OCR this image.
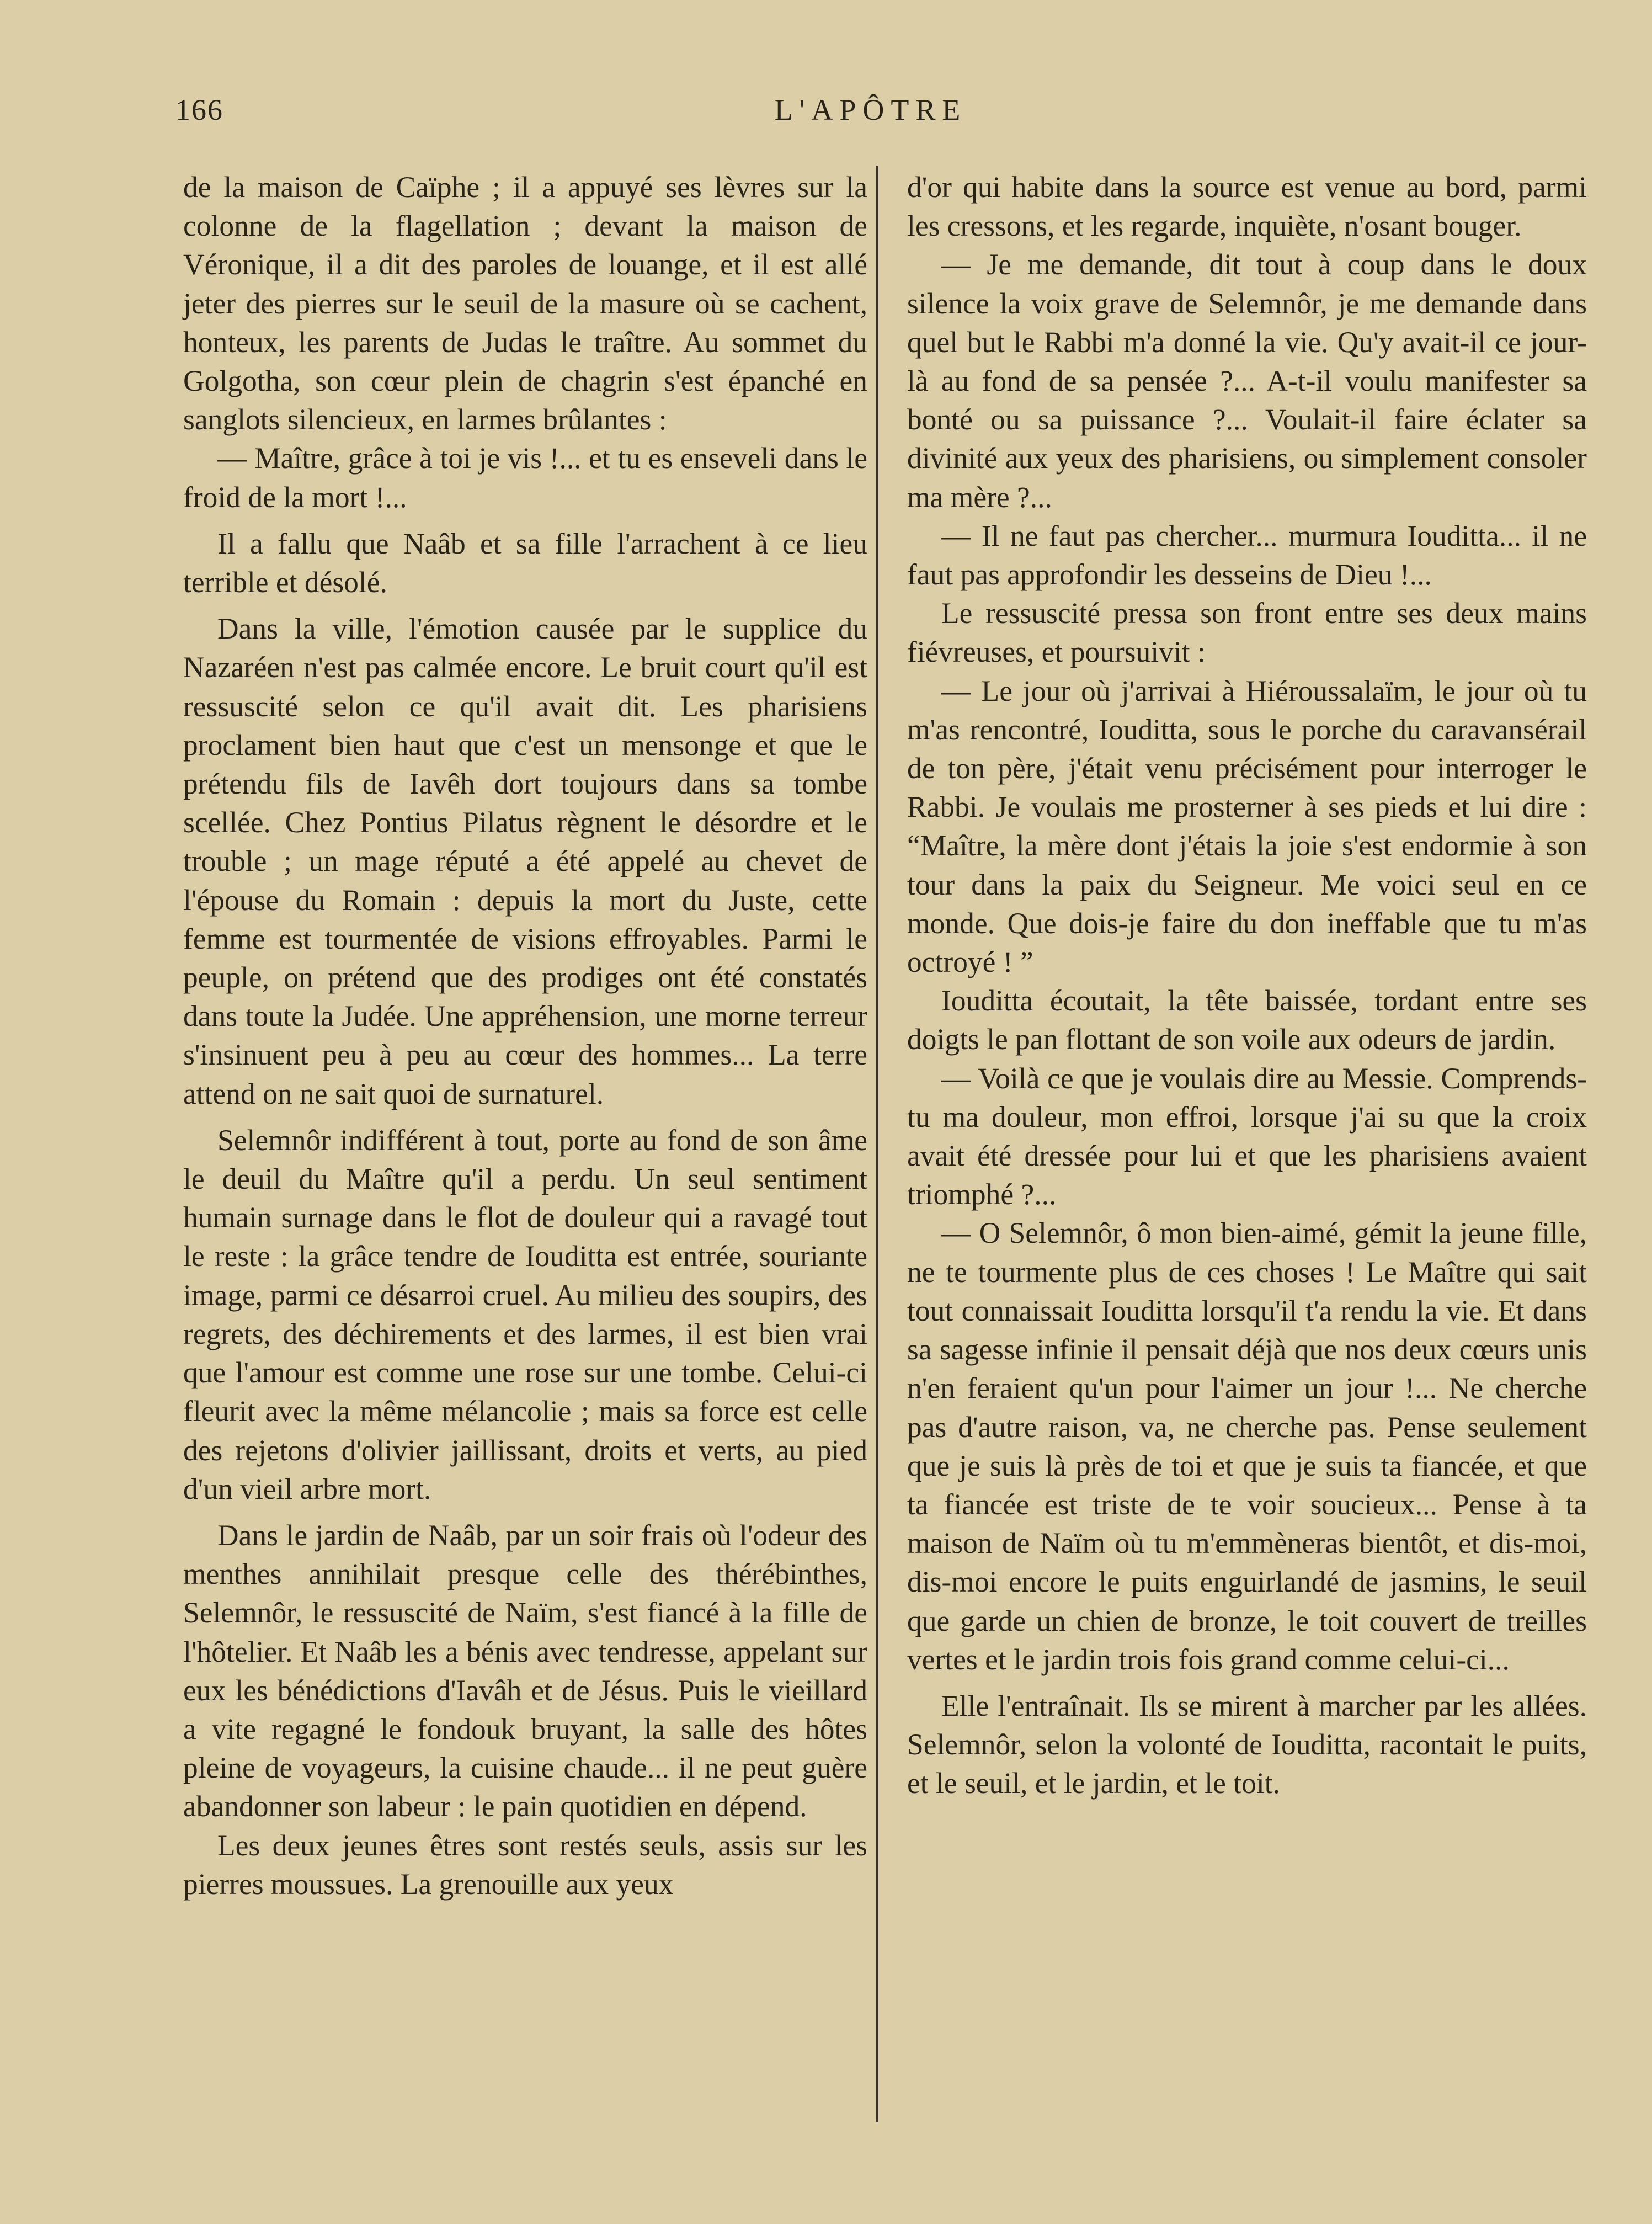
166	L'APÔTRE

de la maison de Caïphe ; il a appuyé ses lèvres sur la colonne de la flagellation ; devant la maison de Véronique, il a dit des paroles de louange, et il est allé jeter des pierres sur le seuil de la masure où se cachent, honteux, les parents de Judas le traître. Au sommet du Golgotha, son cœur plein de chagrin s'est épanché en sanglots silencieux, en larmes brûlantes :

— Maître, grâce à toi je vis !... et tu es enseveli dans le froid de la mort !...

Il a fallu que Naâb et sa fille l'arrachent à ce lieu terrible et désolé.

Dans la ville, l'émotion causée par le supplice du Nazaréen n'est pas calmée encore. Le bruit court qu'il est ressuscité selon ce qu'il avait dit. Les pharisiens proclament bien haut que c'est un mensonge et que le prétendu fils de Iavêh dort toujours dans sa tombe scellée. Chez Pontius Pilatus règnent le désordre et le trouble ; un mage réputé a été appelé au chevet de l'épouse du Romain : depuis la mort du Juste, cette femme est tourmentée de visions effroyables. Parmi le peuple, on prétend que des prodiges ont été constatés dans toute la Judée. Une appréhension, une morne terreur s'insinuent peu à peu au cœur des hommes... La terre attend on ne sait quoi de surnaturel.

Selemnôr indifférent à tout, porte au fond de son âme le deuil du Maître qu'il a perdu. Un seul sentiment humain surnage dans le flot de douleur qui a ravagé tout le reste : la grâce tendre de Iouditta est entrée, souriante image, parmi ce désarroi cruel. Au milieu des soupirs, des regrets, des déchirements et des larmes, il est bien vrai que l'amour est comme une rose sur une tombe. Celui-ci fleurit avec la même mélancolie ; mais sa force est celle des rejetons d'olivier jaillissant, droits et verts, au pied d'un vieil arbre mort.

Dans le jardin de Naâb, par un soir frais où l'odeur des menthes annihilait presque celle des thérébinthes, Selemnôr, le ressuscité de Naïm, s'est fiancé à la fille de l'hôtelier. Et Naâb les a bénis avec tendresse, appelant sur eux les bénédictions d'Iavâh et de Jésus. Puis le vieillard a vite regagné le fondouk bruyant, la salle des hôtes pleine de voyageurs, la cuisine chaude... il ne peut guère abandonner son labeur : le pain quotidien en dépend.

Les deux jeunes êtres sont restés seuls, assis sur les pierres moussues. La grenouille aux yeux

d'or qui habite dans la source est venue au bord, parmi les cressons, et les regarde, inquiète, n'osant bouger.

— Je me demande, dit tout à coup dans le doux silence la voix grave de Selemnôr, je me demande dans quel but le Rabbi m'a donné la vie. Qu'y avait-il ce jour-là au fond de sa pensée ?... A-t-il voulu manifester sa bonté ou sa puissance ?... Voulait-il faire éclater sa divinité aux yeux des pharisiens, ou simplement consoler ma mère ?...

— Il ne faut pas chercher... murmura Iouditta... il ne faut pas approfondir les desseins de Dieu !...

Le ressuscité pressa son front entre ses deux mains fiévreuses, et poursuivit :

— Le jour où j'arrivai à Hiéroussalaïm, le jour où tu m'as rencontré, Iouditta, sous le porche du caravansérail de ton père, j'était venu précisément pour interroger le Rabbi. Je voulais me prosterner à ses pieds et lui dire : “Maître, la mère dont j'étais la joie s'est endormie à son tour dans la paix du Seigneur. Me voici seul en ce monde. Que dois-je faire du don ineffable que tu m'as octroyé ! ”

Iouditta écoutait, la tête baissée, tordant entre ses doigts le pan flottant de son voile aux odeurs de jardin.

— Voilà ce que je voulais dire au Messie. Comprends-tu ma douleur, mon effroi, lorsque j'ai su que la croix avait été dressée pour lui et que les pharisiens avaient triomphé ?...

— O Selemnôr, ô mon bien-aimé, gémit la jeune fille, ne te tourmente plus de ces choses ! Le Maître qui sait tout connaissait Iouditta lorsqu'il t'a rendu la vie. Et dans sa sagesse infinie il pensait déjà que nos deux cœurs unis n'en feraient qu'un pour l'aimer un jour !... Ne cherche pas d'autre raison, va, ne cherche pas. Pense seulement que je suis là près de toi et que je suis ta fiancée, et que ta fiancée est triste de te voir soucieux... Pense à ta maison de Naïm où tu m'emmèneras bientôt, et dis-moi, dis-moi encore le puits enguirlandé de jasmins, le seuil que garde un chien de bronze, le toit couvert de treilles vertes et le jardin trois fois grand comme celui-ci...

Elle l'entraînait. Ils se mirent à marcher par les allées. Selemnôr, selon la volonté de Iouditta, racontait le puits, et le seuil, et le jardin, et le toit.
